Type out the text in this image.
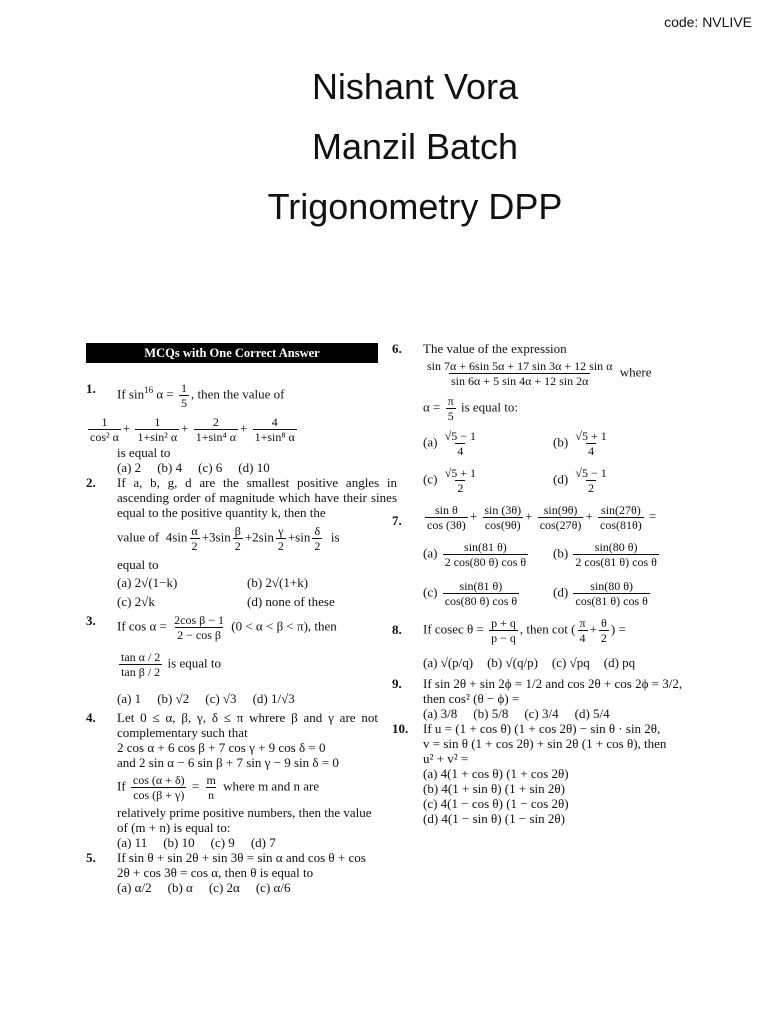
code: NVLIVE
Nishant Vora
Manzil Batch
Trigonometry DPP
MCQs with One Correct Answer
1.	If $\sin^{16} \alpha = \frac{1}{5}$ , then the value of
$\frac{1}{\text{cos² α}} + \frac{1}{\text{1+sin² α}} + \frac{2}{\text{1+sin⁴ α}} + \frac{4}{\text{1+sin⁸ α}}$
is equal to
(a) 2 (b) 4 (c) 6 (d) 10
2.	If a, b, g, d are the smallest positive angles in ascending order of magnitude which have their sines equal to the positive quantity k, then the
value of  $4\sin \frac{\alpha}{2} +3\sin \frac{\beta}{2} +2\sin \frac{\gamma}{2} +\sin \frac{\delta}{2}$ is
equal to
(a) 2√(1−k)	(b) 2√(1+k)
(c) 2√k	(d) none of these
3.	If $\cos \alpha = \frac{\text{2cos β − 1}}{\text{2 − cos β}} (0 < \alpha < \beta < \pi)$, then
$\frac{\text{tan α / 2}}{\text{tan β / 2}}$ is equal to
(a) 1 (b) √2 (c) √3 (d) 1/√3
4.	Let 0 ≤ α, β, γ, δ ≤ π whrere β and γ are not complementary such that
2 cos α + 6 cos β + 7 cos γ + 9 cos δ = 0
and 2 sin α − 6 sin β + 7 sin γ − 9 sin δ = 0
If $\frac{\cos (\alpha + \delta)}{\cos (\beta + \gamma)} = \frac{m}{n}$ where m and n are
relatively prime positive numbers, then the value of (m + n) is equal to:
(a) 11 (b) 10 (c) 9 (d) 7
5.	If sin θ + sin 2θ + sin 3θ = sin α and cos θ + cos 2θ + cos 3θ = cos α, then θ is equal to
(a) α/2 (b) α (c) 2α (c) α/6
6.	The value of the expression
$\frac{\text{sin 7α + 6sin 5α + 17 sin 3α + 12 sin α}}{\sin 6\alpha + 5 \sin 4\alpha + 12 \sin 2\alpha}$ where
$\alpha = \frac{\pi}{5}$ is equal to:
$(a) \frac{√5 - 1}{4}$	$(b) \frac{√5 + 1}{4}$
$(c) \frac{√5 + 1}{2}$	$(d) \frac{√5 - 1}{2}$
7.	$\frac{\text{sin θ}}{\cos (3\theta)} + \frac{\sin (3\theta)}{\cos(9\theta)} + \frac{\sin(9\theta)}{\cos(27\theta)} + \frac{\sin(27\theta)}{\cos(81\theta)}$ =
$(a) \frac{\sin(81 \theta)}{\text{2 cos(80 θ) cos θ}} (b) \frac{\sin(80 \theta)}{\text{2 cos(81 θ) cos θ}}$
$(c) \frac{\sin(81 \theta)}{\text{cos(80 θ) cos θ}}$	$(d) \frac{\sin(80 \theta)}{\text{cos(81 θ) cos θ}}$
8.	If cosec $\theta = \frac{p + q}{p - q}$ , then cot ( $\frac{\pi}{4} + \frac{\theta}{2}$ ) =
(a) √(p/q) (b) √(q/p) (c) √pq (d) pq
9.	If sin 2θ + sin 2ϕ = 1/2 and cos 2θ + cos 2ϕ = 3/2, then cos² (θ − ϕ) =
(a) 3/8 (b) 5/8 (c) 3/4 (d) 5/4
10.	If u = (1 + cos θ) (1 + cos 2θ) − sin θ · sin 2θ,
v = sin θ (1 + cos 2θ) + sin 2θ (1 + cos θ), then
u² + v² =
(a) 4(1 + cos θ) (1 + cos 2θ)
(b) 4(1 + sin θ) (1 + sin 2θ)
(c) 4(1 − cos θ) (1 − cos 2θ)
(d) 4(1 − sin θ) (1 − sin 2θ)
